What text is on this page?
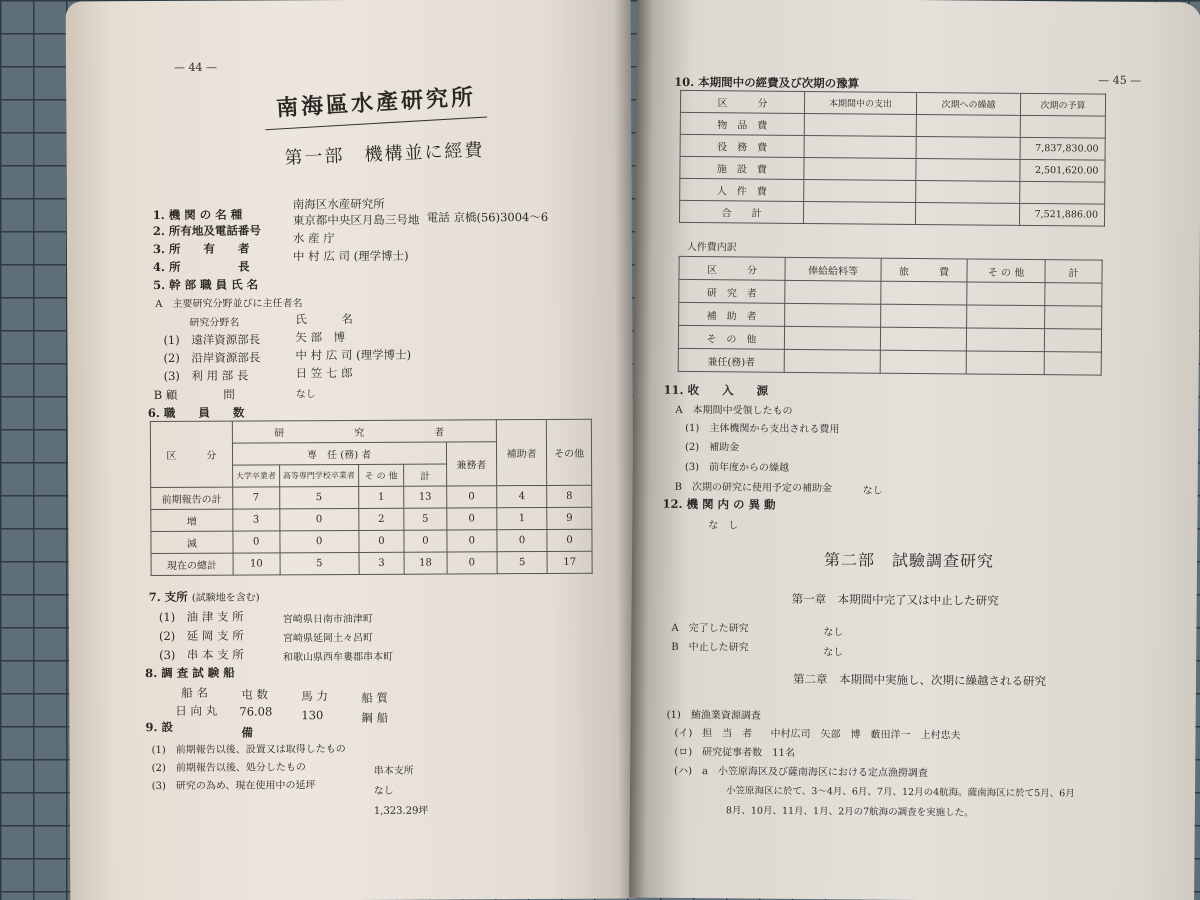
— 44 —
南海區水產研究所
第一部　機構並に經費
1. 機 関 の 名 種
南海区水産研究所
2. 所有地及電話番号
東京都中央区月島三号地 電話 京橋(56)3004〜6
3. 所　　有　　者
水 産 庁
4. 所　　　　　長
中 村 広 司 (理学博士)
5. 幹 部 職 員 氏 名
A　主要研究分野並びに主任者名
研究分野名	氏　　　名
(1)　遠洋資源部長	矢 部　博
(2)　沿岸資源部長	中 村 広 司 (理学博士)
(3)　利 用 部 長	日 笠 七 郎
B 顧　　　　問	なし
6. 職　　員　　数
区　　　分	研　　　究　　　者					補助者	その他
	専　任 (務) 者				兼務者		
	大学卒業者	高等専門学校卒業者	そ の 他	計			
前期報告の計	7	5	1	13	0	4	8
増	3	0	2	5	0	1	9
減	0	0	0	0	0	0	0
現在の總計	10	5	3	18	0	5	17
7. 支所 (試験地を含む)
(1)　油 津 支 所	宮崎県日南市油津町
(2)　延 岡 支 所	宮崎県延岡土々呂町
(3)　串 本 支 所	和歌山県西牟婁郡串本町
8. 調 査 試 験 船
船 名	屯 数	馬 力	船 質
日 向 丸 76.08	130	鋼 船
9. 設	備
(1)　前期報告以後、設置又は取得したもの
(2)　前期報告以後、処分したもの	串本支所
(3)　研究の為め、現在使用中の延坪	なし
1,323.29坪
— 45 —
10. 本期間中の經費及び次期の豫算
区　　　分	本期間中の支出	次期への繰越	次期の予算
物　品　費			
役　務　費			7,837,830.00
施　設　費			2,501,620.00
人　件　費			
合　　計			7,521,886.00
人件費内訳
区　　　分	俸給給料等	旅　　　費	そ の 他	計
研　究　者				
補　助　者				
そ　の　他				
兼任(務)者				
11. 收　　入　　源
A　本期間中受領したもの
(1)　主体機関から支出される費用
(2)　補助金
(3)　前年度からの繰越
B　次期の研究に使用予定の補助金	なし
12. 機 関 内 の 異 動
な　し
第二部　試驗調查研究
第一章　本期間中完了又は中止した研究
A　完了した研究	なし
B　中止した研究	なし
第二章　本期間中実施し、次期に繰越される研究
(1)　鮪漁業資源調査
(イ)　担　当　者 中村広司　矢部　博　藪田洋一　上村忠夫
(ロ)　研究従事者数　11名
(ハ)　a　小笠原海区及び薩南海区における定点漁撈調査
小笠原海区に於て、3〜4月、6月、7月、12月の4航海。薩南海区に於て5月、6月
8月、10月、11月、1月、2月の7航海の調査を実施した。
